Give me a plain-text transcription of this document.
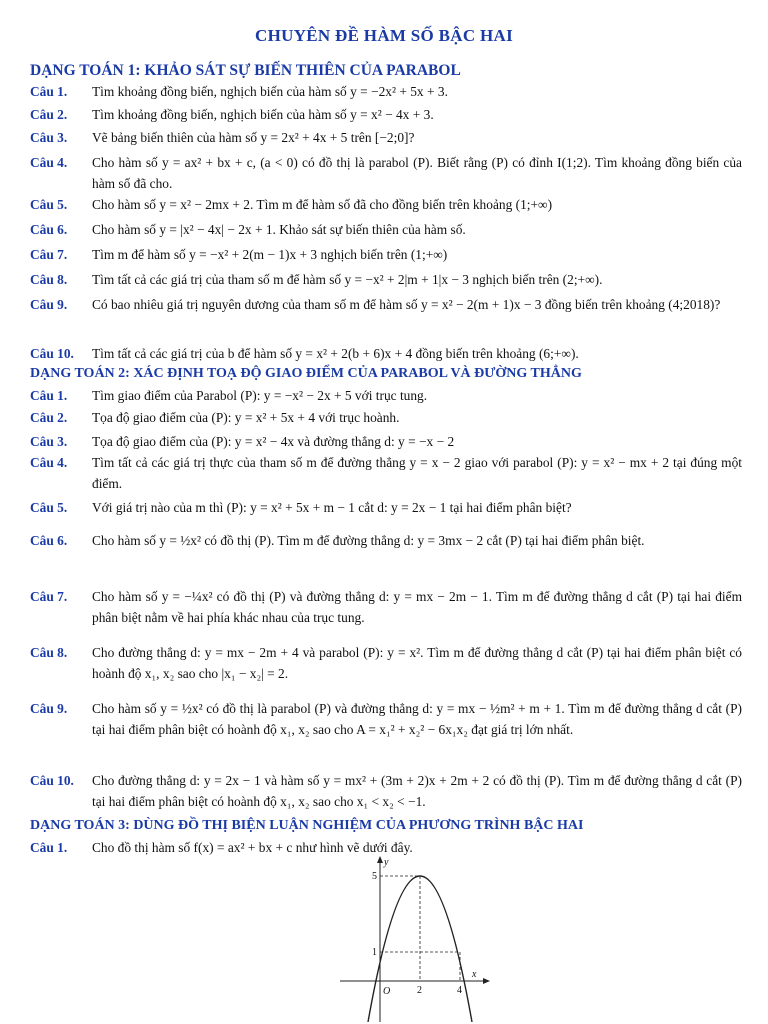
CHUYÊN ĐỀ HÀM SỐ BẬC HAI
DẠNG TOÁN 1: KHẢO SÁT SỰ BIẾN THIÊN CỦA PARABOL
Câu 1. Tìm khoảng đồng biến, nghịch biến của hàm số y = −2x² + 5x + 3.
Câu 2. Tìm khoảng đồng biến, nghịch biến của hàm số y = x² − 4x + 3.
Câu 3. Vẽ bảng biến thiên của hàm số y = 2x² + 4x + 5 trên [−2;0]?
Câu 4. Cho hàm số y = ax² + bx + c, (a < 0) có đồ thị là parabol (P). Biết rằng (P) có đỉnh I(1;2). Tìm khoảng đồng biến của hàm số đã cho.
Câu 5. Cho hàm số y = x² − 2mx + 2. Tìm m để hàm số đã cho đồng biến trên khoảng (1;+∞)
Câu 6. Cho hàm số y = |x² − 4x| − 2x + 1. Khảo sát sự biến thiên của hàm số.
Câu 7. Tìm m để hàm số y = −x² + 2(m − 1)x + 3 nghịch biến trên (1;+∞)
Câu 8. Tìm tất cả các giá trị của tham số m để hàm số y = −x² + 2|m + 1|x − 3 nghịch biến trên (2;+∞).
Câu 9. Có bao nhiêu giá trị nguyên dương của tham số m để hàm số y = x² − 2(m + 1)x − 3 đồng biến trên khoảng (4;2018)?
Câu 10. Tìm tất cả các giá trị của b để hàm số y = x² + 2(b + 6)x + 4 đồng biến trên khoảng (6;+∞).
DẠNG TOÁN 2: XÁC ĐỊNH TOẠ ĐỘ GIAO ĐIỂM CỦA PARABOL VÀ ĐƯỜNG THẲNG
Câu 1. Tìm giao điểm của Parabol (P): y = −x² − 2x + 5 với trục tung.
Câu 2. Tọa độ giao điểm của (P): y = x² + 5x + 4 với trục hoành.
Câu 3. Tọa độ giao điểm của (P): y = x² − 4x và đường thẳng d: y = −x − 2
Câu 4. Tìm tất cả các giá trị thực của tham số m để đường thẳng y = x − 2 giao với parabol (P): y = x² − mx + 2 tại đúng một điểm.
Câu 5. Với giá trị nào của m thì (P): y = x² + 5x + m − 1 cắt d: y = 2x − 1 tại hai điểm phân biệt?
Câu 6. Cho hàm số y = ½x² có đồ thị (P). Tìm m để đường thẳng d: y = 3mx − 2 cắt (P) tại hai điểm phân biệt.
Câu 7. Cho hàm số y = −¼x² có đồ thị (P) và đường thẳng d: y = mx − 2m − 1. Tìm m để đường thẳng d cắt (P) tại hai điểm phân biệt nằm về hai phía khác nhau của trục tung.
Câu 8. Cho đường thẳng d: y = mx − 2m + 4 và parabol (P): y = x². Tìm m để đường thẳng d cắt (P) tại hai điểm phân biệt có hoành độ x₁, x₂ sao cho |x₁ − x₂| = 2.
Câu 9. Cho hàm số y = ½x² có đồ thị là parabol (P) và đường thẳng d: y = mx − ½m² + m + 1. Tìm m để đường thẳng d cắt (P) tại hai điểm phân biệt có hoành độ x₁, x₂ sao cho A = x₁² + x₂² − 6x₁x₂ đạt giá trị lớn nhất.
Câu 10. Cho đường thẳng d: y = 2x − 1 và hàm số y = mx² + (3m + 2)x + 2m + 2 có đồ thị (P). Tìm m để đường thẳng d cắt (P) tại hai điểm phân biệt có hoành độ x₁, x₂ sao cho x₁ < x₂ < −1.
DẠNG TOÁN 3: DÙNG ĐỒ THỊ BIỆN LUẬN NGHIỆM CỦA PHƯƠNG TRÌNH BẬC HAI
Câu 1. Cho đồ thị hàm số f(x) = ax² + bx + c như hình vẽ dưới đây.
y
x
O	2	4
1
5
